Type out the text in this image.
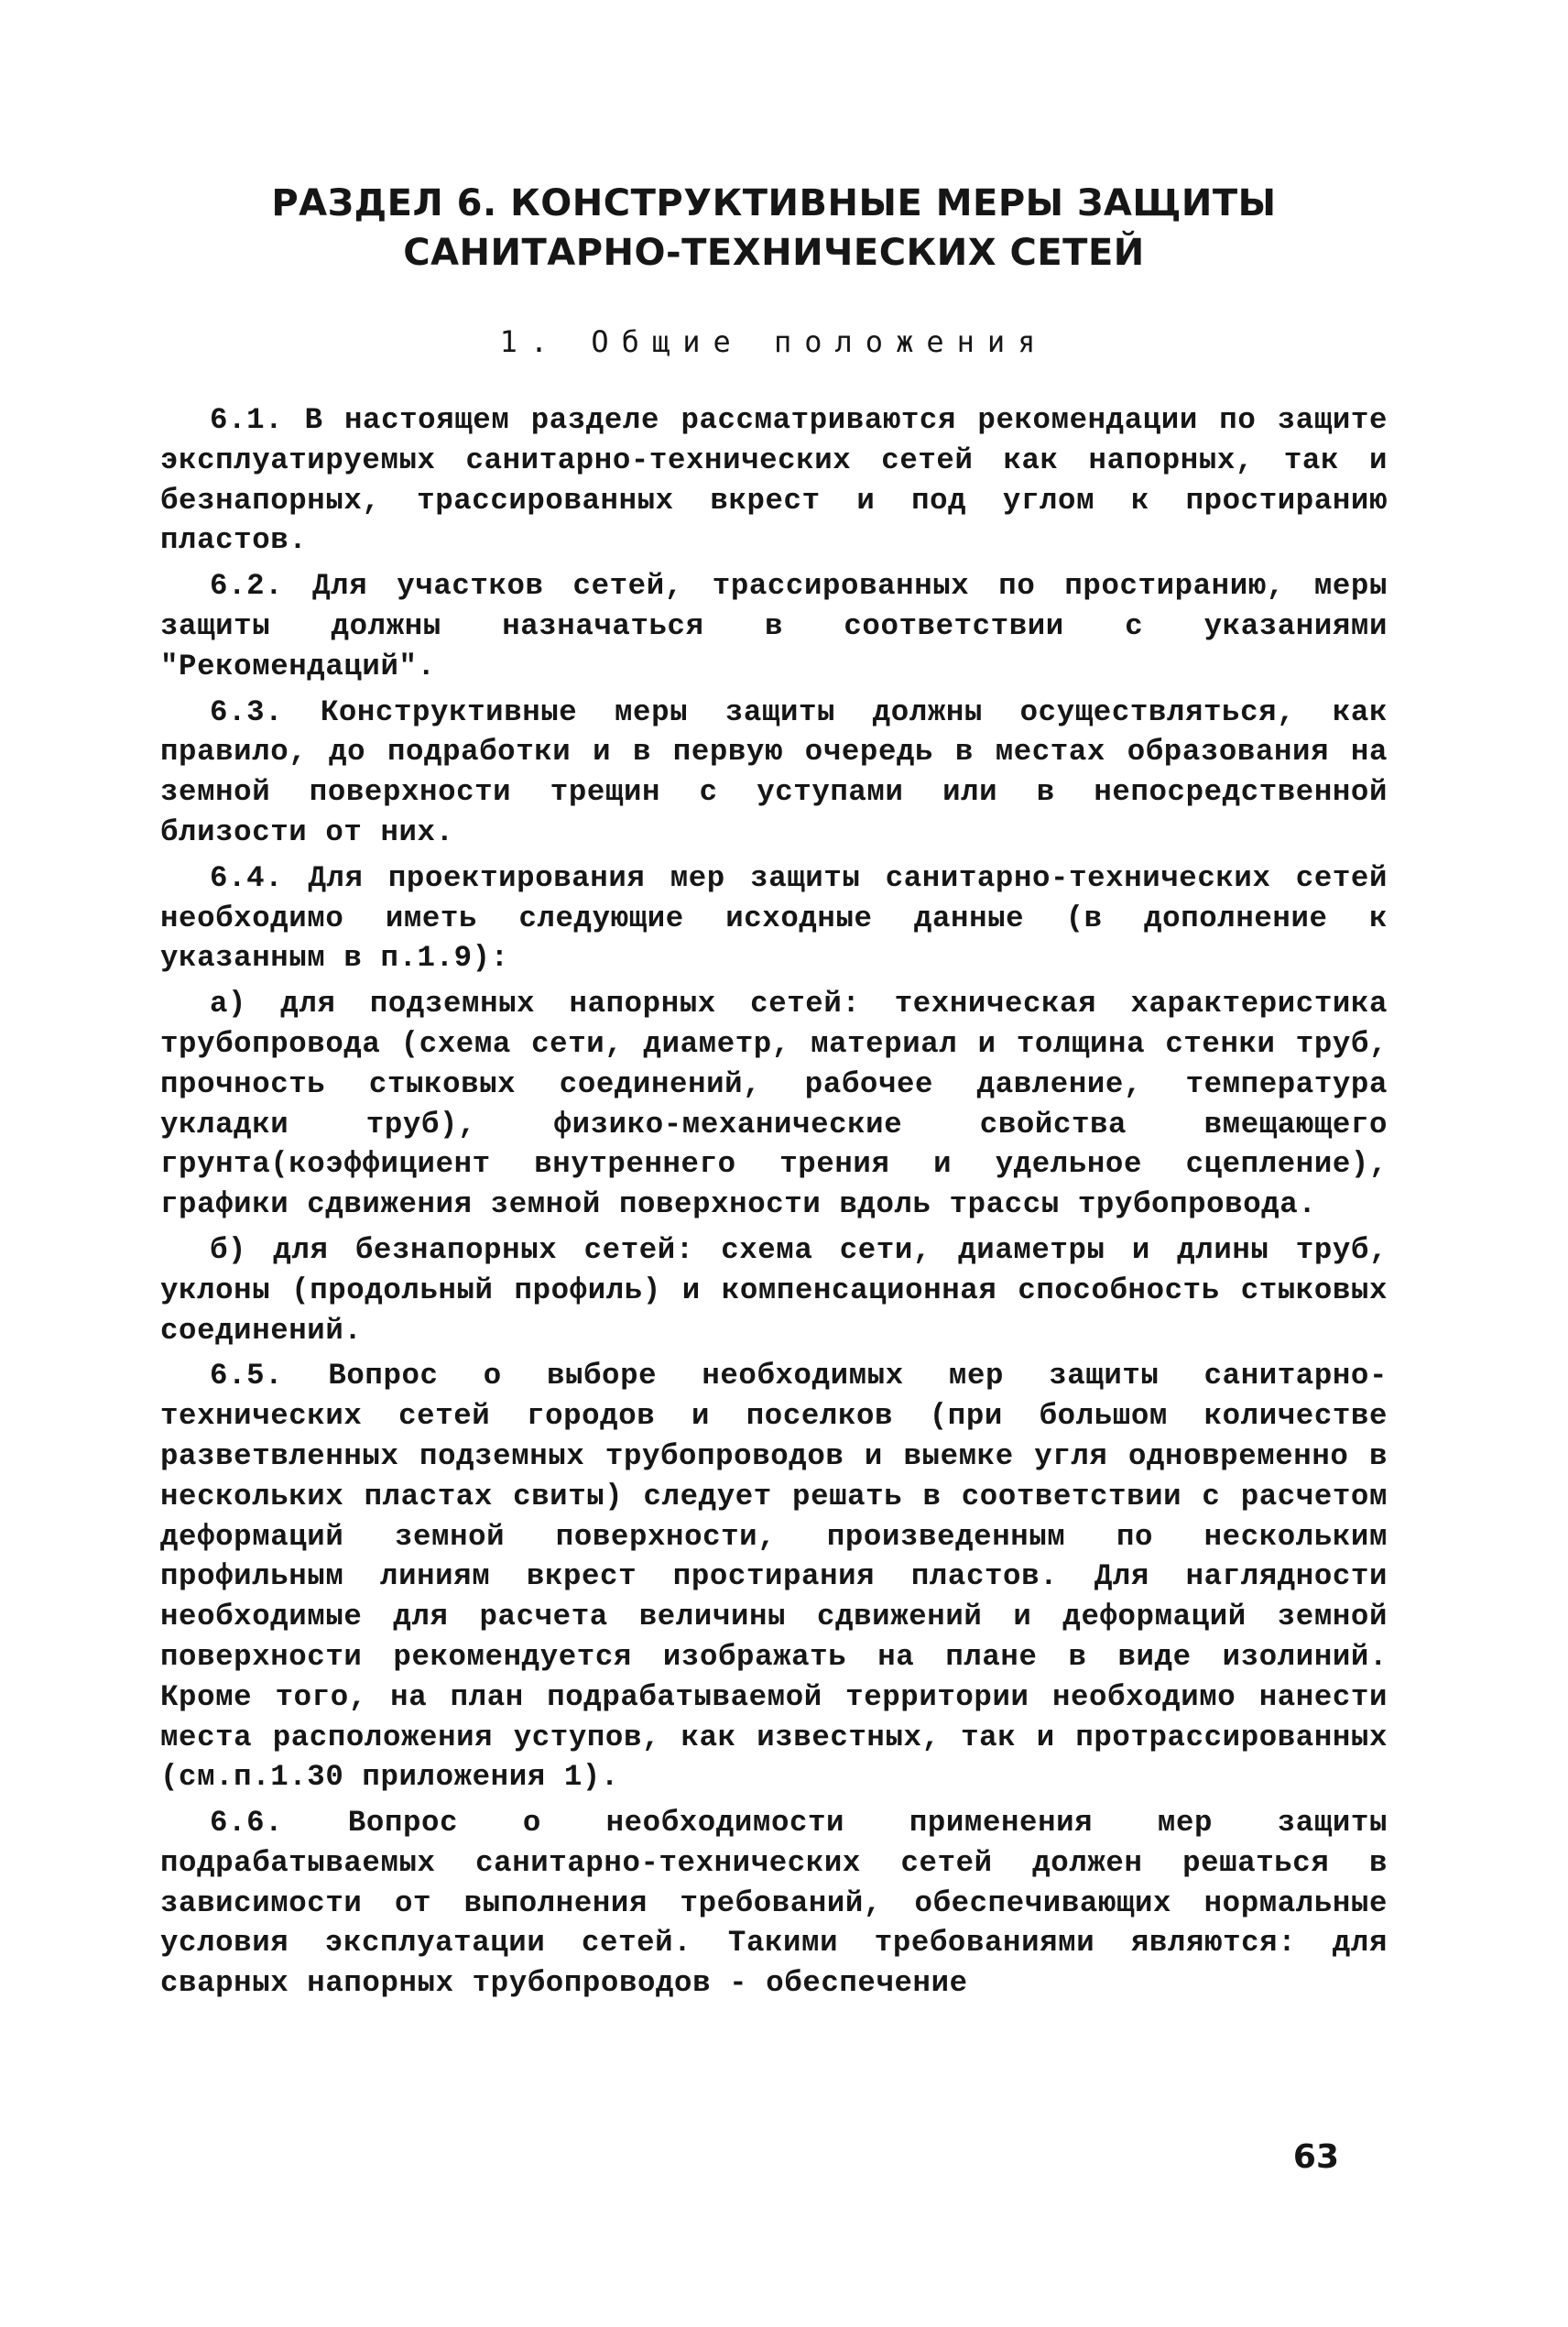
РАЗДЕЛ 6. КОНСТРУКТИВНЫЕ МЕРЫ ЗАЩИТЫ
САНИТАРНО-ТЕХНИЧЕСКИХ СЕТЕЙ
1. Общие положения

6.1. В настоящем разделе рассматриваются рекомендации по защите эксплуатируемых санитарно-технических сетей как напорных, так и безнапорных, трассированных вкрест и под углом к простиранию пластов.

6.2. Для участков сетей, трассированных по простиранию, меры защиты должны назначаться в соответствии с указаниями "Рекомендаций".

6.3. Конструктивные меры защиты должны осуществляться, как правило, до подработки и в первую очередь в местах образования на земной поверхности трещин с уступами или в непосредственной близости от них.

6.4. Для проектирования мер защиты санитарно-технических сетей необходимо иметь следующие исходные данные (в дополнение к указанным в п.1.9):

а) для подземных напорных сетей: техническая характеристика трубопровода (схема сети, диаметр, материал и толщина стенки труб, прочность стыковых соединений, рабочее давление, температура укладки труб), физико-механические свойства вмещающего грунта(коэффициент внутреннего трения и удельное сцепление), графики сдвижения земной поверхности вдоль трассы трубопровода.

б) для безнапорных сетей: схема сети, диаметры и длины труб, уклоны (продольный профиль) и компенсационная способность стыковых соединений.

6.5. Вопрос о выборе необходимых мер защиты санитарно-технических сетей городов и поселков (при большом количестве разветвленных подземных трубопроводов и выемке угля одновременно в нескольких пластах свиты) следует решать в соответствии с расчетом деформаций земной поверхности, произведенным по нескольким профильным линиям вкрест простирания пластов. Для наглядности необходимые для расчета величины сдвижений и деформаций земной поверхности рекомендуется изображать на плане в виде изолиний. Кроме того, на план подрабатываемой территории необходимо нанести места расположения уступов, как известных, так и протрассированных (см.п.1.30 приложения 1).

6.6. Вопрос о необходимости применения мер защиты подрабатываемых санитарно-технических сетей должен решаться в зависимости от выполнения требований, обеспечивающих нормальные условия эксплуатации сетей. Такими требованиями являются: для сварных напорных трубопроводов - обеспечение

63
